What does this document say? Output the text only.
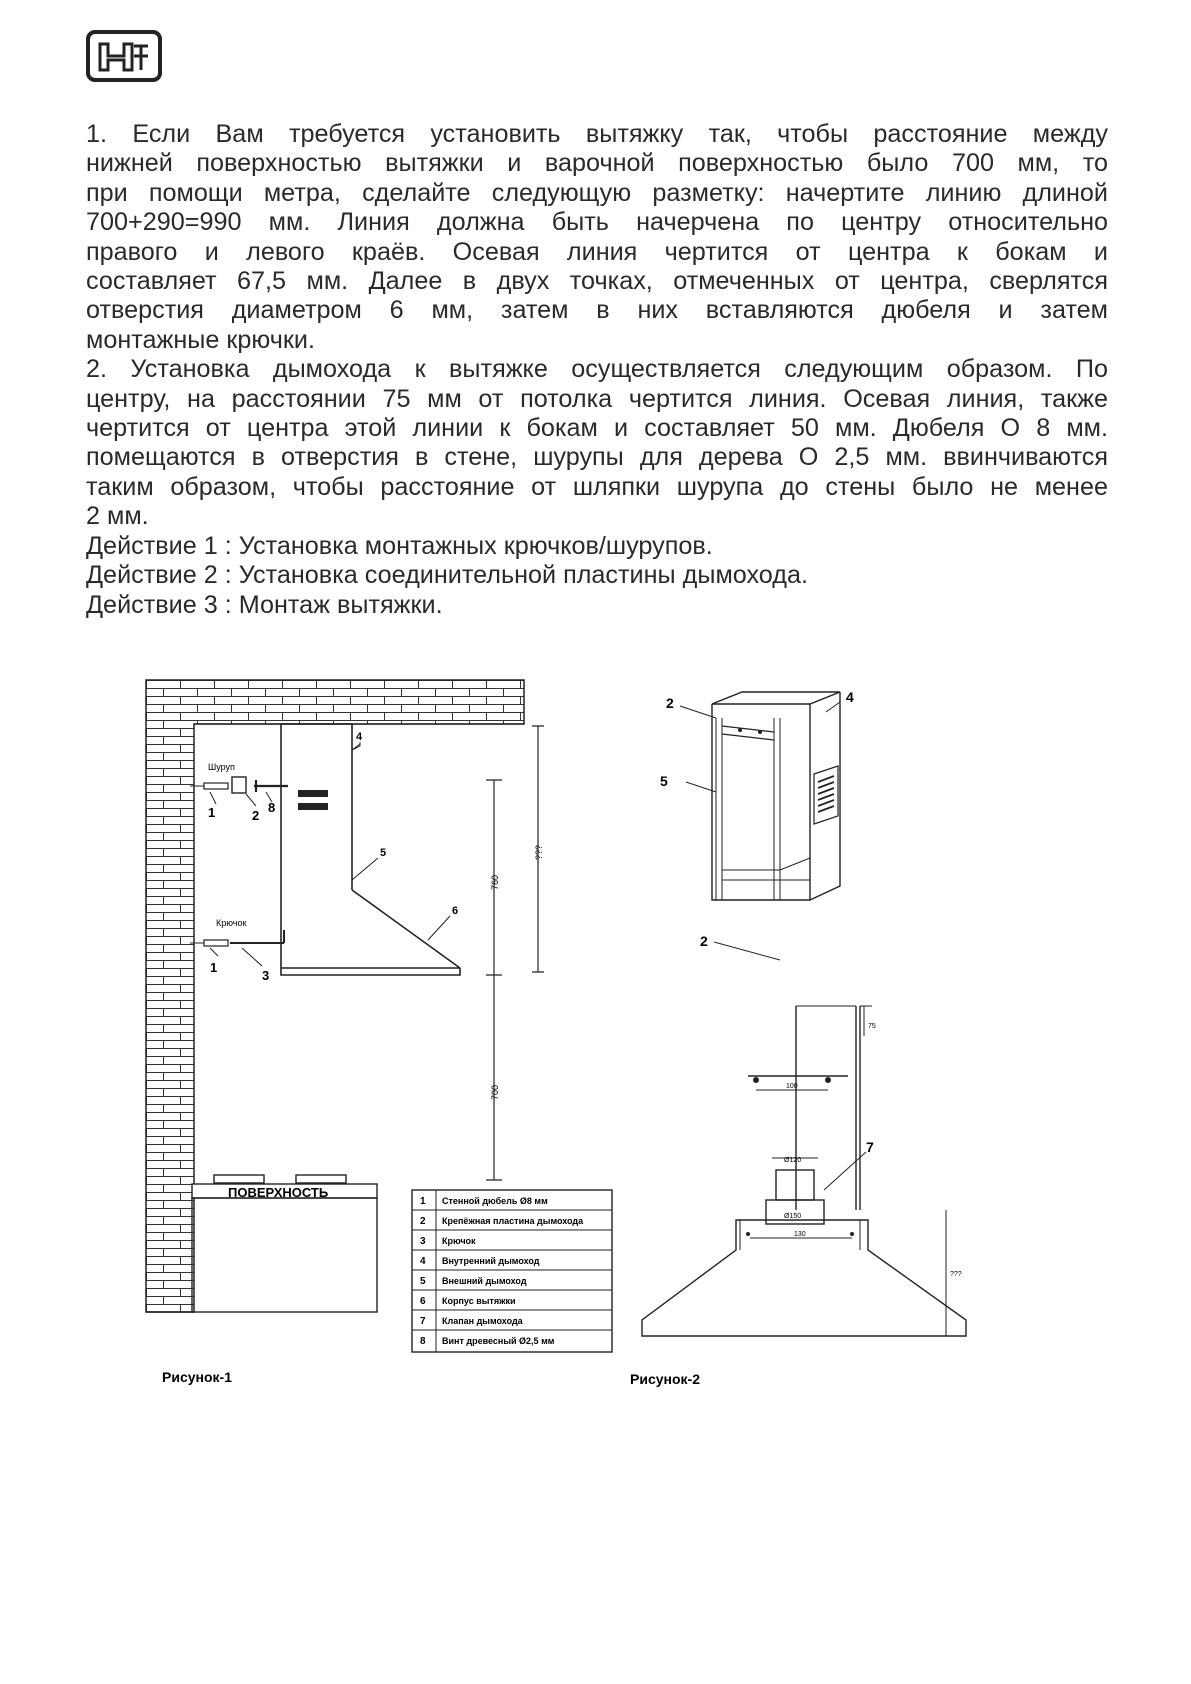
1. Если Вам требуется установить вытяжку так, чтобы расстояние между

нижней поверхностью вытяжки и варочной поверхностью было 700 мм, то

при помощи метра, сделайте следующую разметку: начертите линию длиной

700+290=990 мм. Линия должна быть начерчена по центру относительно

правого и левого краёв. Осевая линия чертится от центра к бокам и

составляет 67,5 мм. Далее в двух точках, отмеченных от центра, сверлятся

отверстия диаметром 6 мм, затем в них вставляются дюбеля и затем

монтажные крючки.

2. Установка дымохода к вытяжке осуществляется следующим образом. По

центру, на расстоянии 75 мм от потолка чертится линия. Осевая линия, также

чертится от центра этой линии к бокам и составляет 50 мм. Дюбеля О 8 мм.

помещаются в отверстия в стене, шурупы для дерева О 2,5 мм. ввинчиваются

таким образом, чтобы расстояние от шляпки шурупа до стены было не менее

2 мм.

Действие 1 : Установка монтажных крючков/шурупов.

Действие 2 : Установка соединительной пластины дымохода.

Действие 3 : Монтаж вытяжки.

Шуруп
Крючок
1	2
8
4
5
1
3
6
760
???
700
ПОВЕРХНОСТЬ
1 Стенной дюбель Ø8 мм
2 Крепёжная пластина дымохода
3 Крючок
4 Внутренний дымоход
5 Внешний дымоход
6 Корпус вытяжки
7 Клапан дымохода
8 Винт древесный Ø2,5 мм
Рисунок-1
2	4
5
100
75
Ø120
Ø150
7
2
130
???
Рисунок-2
